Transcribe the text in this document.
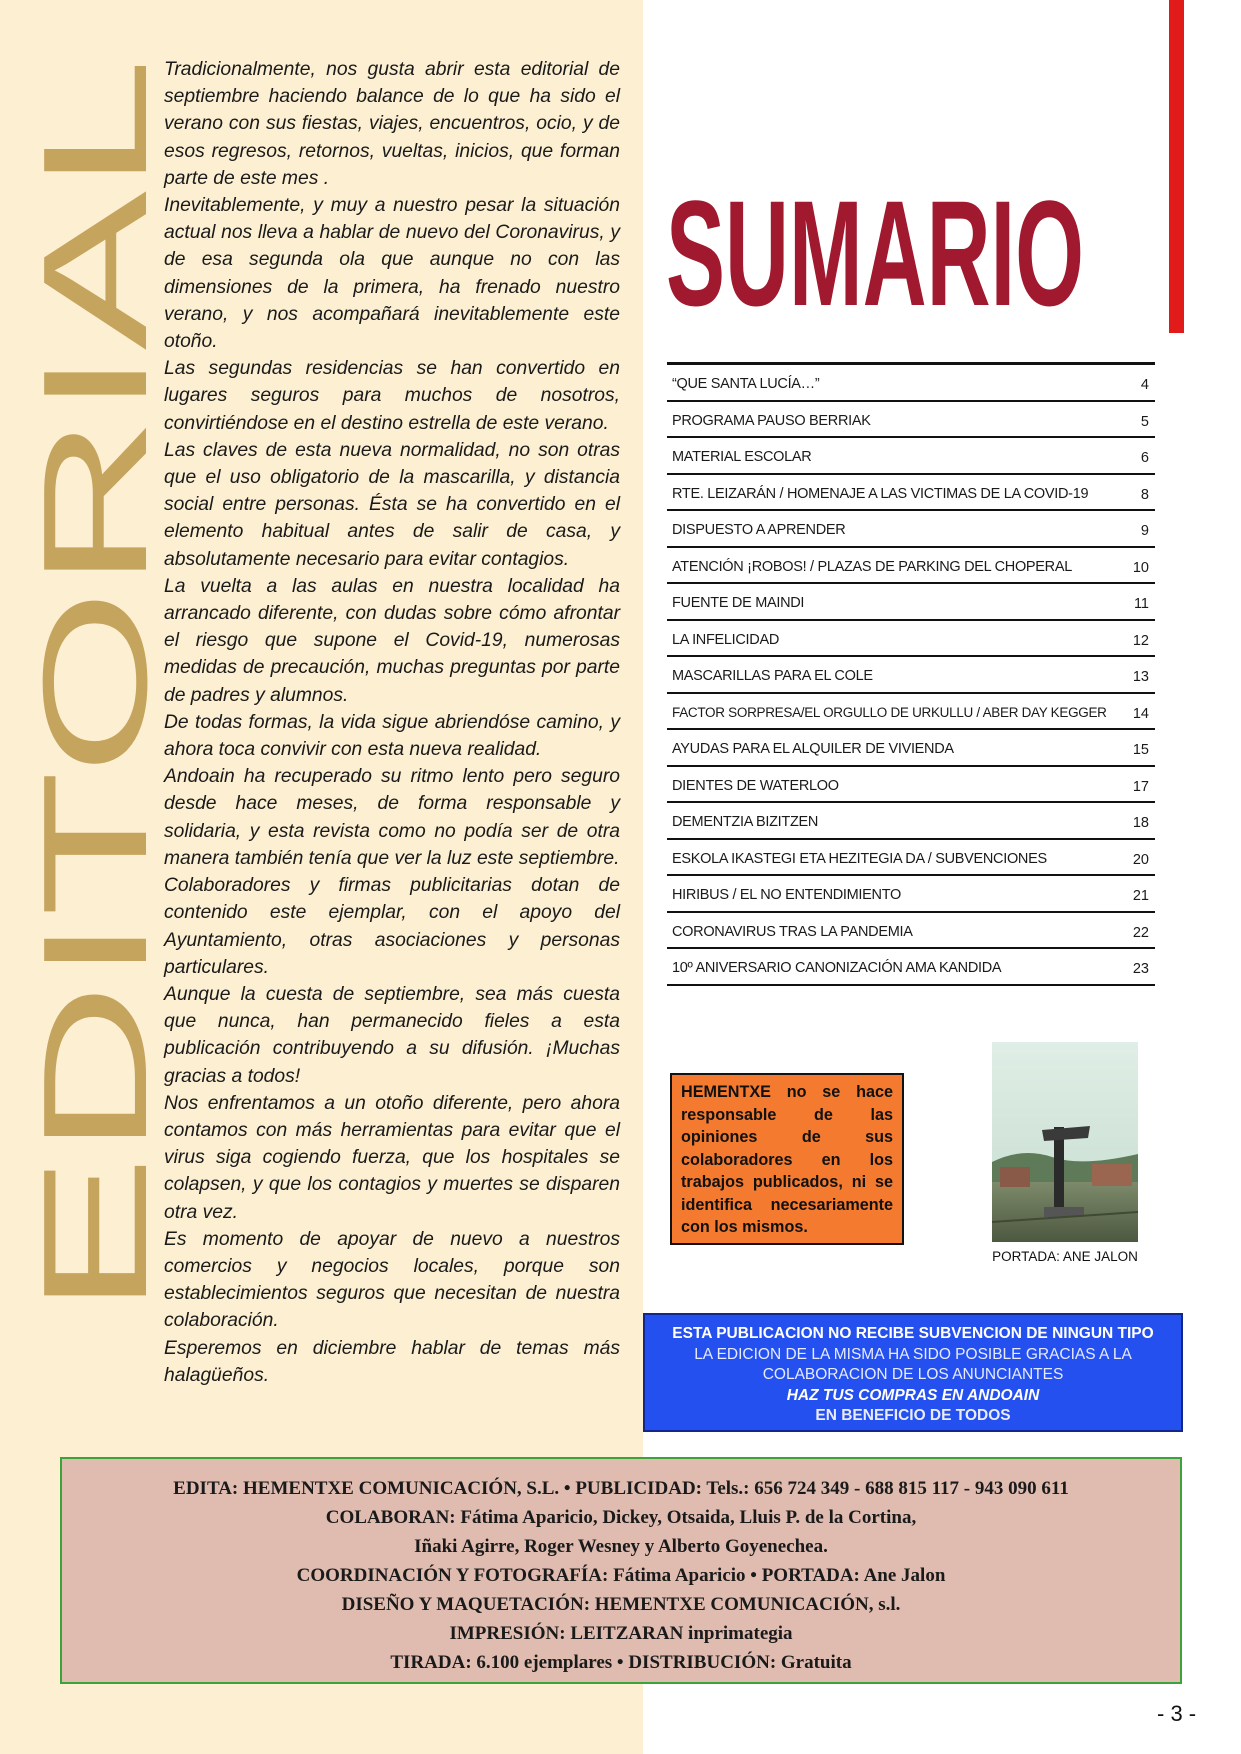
EDITORIAL

Tradicionalmente, nos gusta abrir esta editorial de septiembre haciendo balance de lo que ha sido el verano con sus fiestas, viajes, encuentros, ocio, y de esos regresos, retornos, vueltas, inicios, que forman parte de este mes .

Inevitablemente, y muy a nuestro pesar la situación actual nos lleva a hablar de nuevo del Coronavirus, y de esa segunda ola que aunque no con las dimensiones de la primera, ha frenado nuestro verano, y nos acompañará inevitablemente este otoño.

Las segundas residencias se han convertido en lugares seguros para muchos de nosotros, convirtiéndose en el destino estrella de este verano.

Las claves de esta nueva normalidad, no son otras que el uso obligatorio de la mascarilla, y distancia social entre personas. Ésta se ha convertido en el elemento habitual antes de salir de casa, y absolutamente necesario para evitar contagios.

La vuelta a las aulas en nuestra localidad ha arrancado diferente, con dudas sobre cómo afrontar el riesgo que supone el Covid-19, numerosas medidas de precaución, muchas preguntas por parte de padres y alumnos.

De todas formas, la vida sigue abriendóse camino, y ahora toca convivir con esta nueva realidad.

Andoain ha recuperado su ritmo lento pero seguro desde hace meses, de forma responsable y solidaria, y esta revista como no podía ser de otra manera también tenía que ver la luz este septiembre.

Colaboradores y firmas publicitarias dotan de contenido este ejemplar, con el apoyo del Ayuntamiento, otras asociaciones y personas particulares.

Aunque la cuesta de septiembre, sea más cuesta que nunca, han permanecido fieles a esta publicación contribuyendo a su difusión. ¡Muchas gracias a todos!

Nos enfrentamos a un otoño diferente, pero ahora contamos con más herramientas para evitar que el virus siga cogiendo fuerza, que los hospitales se colapsen, y que los contagios y muertes se disparen otra vez.

Es momento de apoyar de nuevo a nuestros comercios y negocios locales, porque son establecimientos seguros que necesitan de nuestra colaboración.

Esperemos en diciembre hablar de temas más halagüeños.

SUMARIO
“QUE SANTA LUCÍA…”	4
PROGRAMA PAUSO BERRIAK	5
MATERIAL ESCOLAR	6
RTE. LEIZARÁN / HOMENAJE A LAS VICTIMAS DE LA COVID-19	8
DISPUESTO A APRENDER	9
ATENCIÓN ¡ROBOS! / PLAZAS DE PARKING DEL CHOPERAL	10
FUENTE DE MAINDI	11
LA INFELICIDAD	12
MASCARILLAS PARA EL COLE	13
FACTOR SORPRESA/EL ORGULLO DE URKULLU / ABER DAY KEGGER 14
AYUDAS PARA EL ALQUILER DE VIVIENDA	15
DIENTES DE WATERLOO	17
DEMENTZIA BIZITZEN	18
ESKOLA IKASTEGI ETA HEZITEGIA DA / SUBVENCIONES	20
HIRIBUS / EL NO ENTENDIMIENTO	21
CORONAVIRUS TRAS LA PANDEMIA	22
10º ANIVERSARIO CANONIZACIÓN AMA KANDIDA	23
HEMENTXE no se hace responsable de las opiniones de sus colaboradores en los trabajos publicados, ni se identifica necesariamente con los mismos.
PORTADA: ANE JALON
ESTA PUBLICACION NO RECIBE SUBVENCION DE NINGUN TIPO
LA EDICION DE LA MISMA HA SIDO POSIBLE GRACIAS A LA
COLABORACION DE LOS ANUNCIANTES
HAZ TUS COMPRAS EN ANDOAIN
EN BENEFICIO DE TODOS
EDITA: HEMENTXE COMUNICACIÓN, S.L. • PUBLICIDAD: Tels.: 656 724 349 - 688 815 117 - 943 090 611
COLABORAN: Fátima Aparicio, Dickey, Otsaida, Lluis P. de la Cortina,
Iñaki Agirre, Roger Wesney y Alberto Goyenechea.
COORDINACIÓN Y FOTOGRAFÍA: Fátima Aparicio • PORTADA: Ane Jalon
DISEÑO Y MAQUETACIÓN: HEMENTXE COMUNICACIÓN, s.l.
IMPRESIÓN: LEITZARAN inprimategia
TIRADA: 6.100 ejemplares • DISTRIBUCIÓN: Gratuita
- 3 -
